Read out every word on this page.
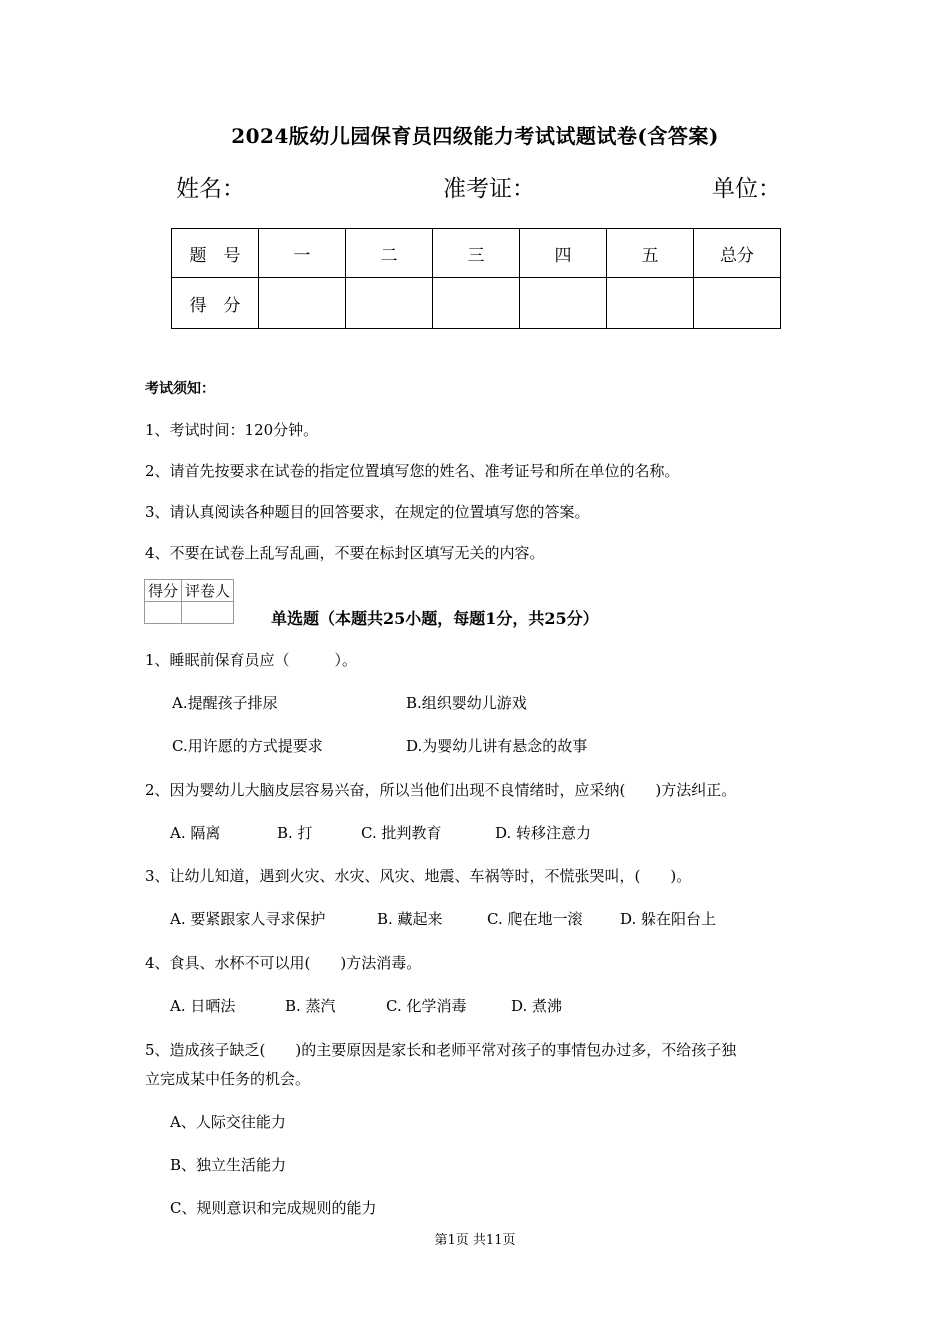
2024版幼儿园保育员四级能力考试试题试卷(含答案)
姓名：	准考证：	单位：
题　号	一	二	三	四	五	总分
得　分						
考试须知：
1、考试时间：120分钟。
2、请首先按要求在试卷的指定位置填写您的姓名、准考证号和所在单位的名称。
3、请认真阅读各种题目的回答要求，在规定的位置填写您的答案。
4、不要在试卷上乱写乱画，不要在标封区填写无关的内容。
得分	评卷人

单选题（本题共25小题，每题1分，共25分）
1、睡眠前保育员应（　　　）。
A.提醒孩子排尿	B.组织婴幼儿游戏
C.用许愿的方式提要求	D.为婴幼儿讲有悬念的故事
2、因为婴幼儿大脑皮层容易兴奋，所以当他们出现不良情绪时，应采纳(　　)方法纠正。
A. 隔离	B. 打	C. 批判教育	D. 转移注意力
3、让幼儿知道，遇到火灾、水灾、风灾、地震、车祸等时，不慌张哭叫，(　　)。
A. 要紧跟家人寻求保护	B. 藏起来	C. 爬在地一滚	D. 躲在阳台上
4、食具、水杯不可以用(　　)方法消毒。
A. 日晒法	B. 蒸汽	C. 化学消毒	D. 煮沸
5、造成孩子缺乏(　　)的主要原因是家长和老师平常对孩子的事情包办过多，不给孩子独
立完成某中任务的机会。
A、人际交往能力
B、独立生活能力
C、规则意识和完成规则的能力
第1页 共11页
